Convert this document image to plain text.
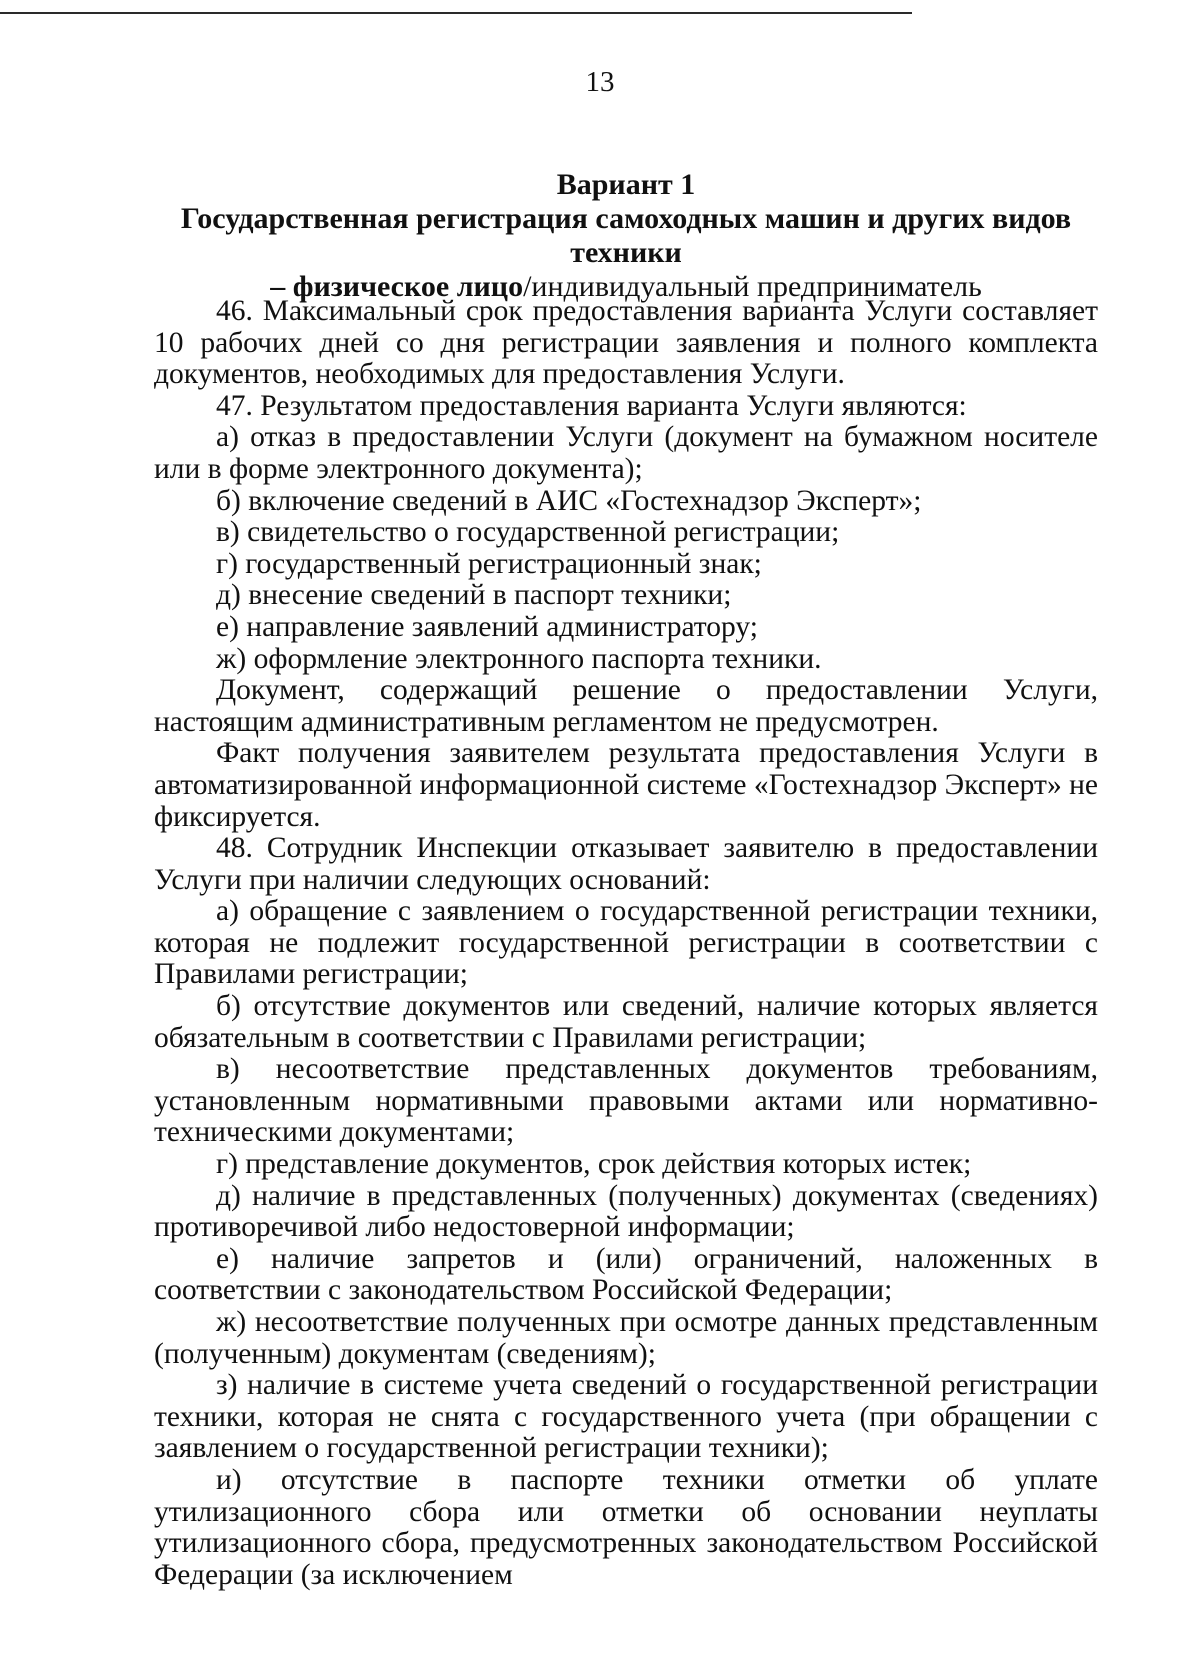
13
Вариант 1
Государственная регистрация самоходных машин и других видов техники
– физическое лицо/индивидуальный предприниматель

46. Максимальный срок предоставления варианта Услуги составляет 10 рабочих дней со дня регистрации заявления и полного комплекта документов, необходимых для предоставления Услуги.

47. Результатом предоставления варианта Услуги являются:

а) отказ в предоставлении Услуги (документ на бумажном носителе или в форме электронного документа);

б) включение сведений в АИС «Гостехнадзор Эксперт»;

в) свидетельство о государственной регистрации;

г) государственный регистрационный знак;

д) внесение сведений в паспорт техники;

е) направление заявлений администратору;

ж) оформление электронного паспорта техники.

Документ, содержащий решение о предоставлении Услуги, настоящим административным регламентом не предусмотрен.

Факт получения заявителем результата предоставления Услуги в автоматизированной информационной системе «Гостехнадзор Эксперт» не фиксируется.

48. Сотрудник Инспекции отказывает заявителю в предоставлении Услуги при наличии следующих оснований:

а) обращение с заявлением о государственной регистрации техники, которая не подлежит государственной регистрации в соответствии с Правилами регистрации;

б) отсутствие документов или сведений, наличие которых является обязательным в соответствии с Правилами регистрации;

в) несоответствие представленных документов требованиям, установленным нормативными правовыми актами или нормативно-техническими документами;

г) представление документов, срок действия которых истек;

д) наличие в представленных (полученных) документах (сведениях) противоречивой либо недостоверной информации;

е) наличие запретов и (или) ограничений, наложенных в соответствии с законодательством Российской Федерации;

ж) несоответствие полученных при осмотре данных представленным (полученным) документам (сведениям);

з) наличие в системе учета сведений о государственной регистрации техники, которая не снята с государственного учета (при обращении с заявлением о государственной регистрации техники);

и) отсутствие в паспорте техники отметки об уплате утилизационного сбора или отметки об основании неуплаты утилизационного сбора, предусмотренных законодательством Российской Федерации (за исключением
